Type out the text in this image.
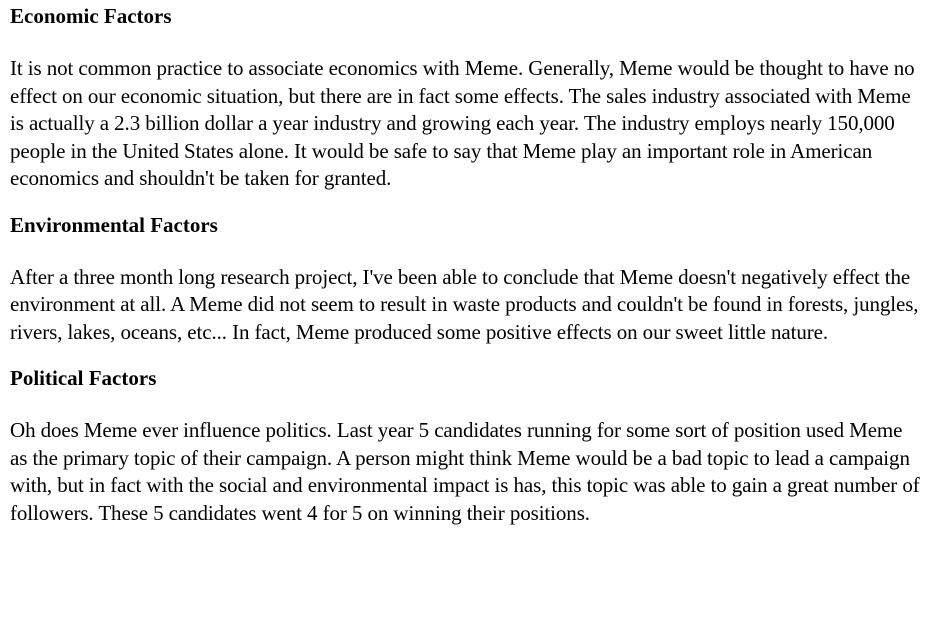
Economic Factors

It is not common practice to associate economics with Meme. Generally, Meme would be thought to have no effect on our economic situation, but there are in fact some effects. The sales industry associated with Meme is actually a 2.3 billion dollar a year industry and growing each year. The industry employs nearly 150,000 people in the United States alone. It would be safe to say that Meme play an important role in American economics and shouldn't be taken for granted.

Environmental Factors

After a three month long research project, I've been able to conclude that Meme doesn't negatively effect the environment at all. A Meme did not seem to result in waste products and couldn't be found in forests, jungles, rivers, lakes, oceans, etc... In fact, Meme produced some positive effects on our sweet little nature.

Political Factors

Oh does Meme ever influence politics. Last year 5 candidates running for some sort of position used Meme as the primary topic of their campaign. A person might think Meme would be a bad topic to lead a campaign with, but in fact with the social and environmental impact is has, this topic was able to gain a great number of followers. These 5 candidates went 4 for 5 on winning their positions.
